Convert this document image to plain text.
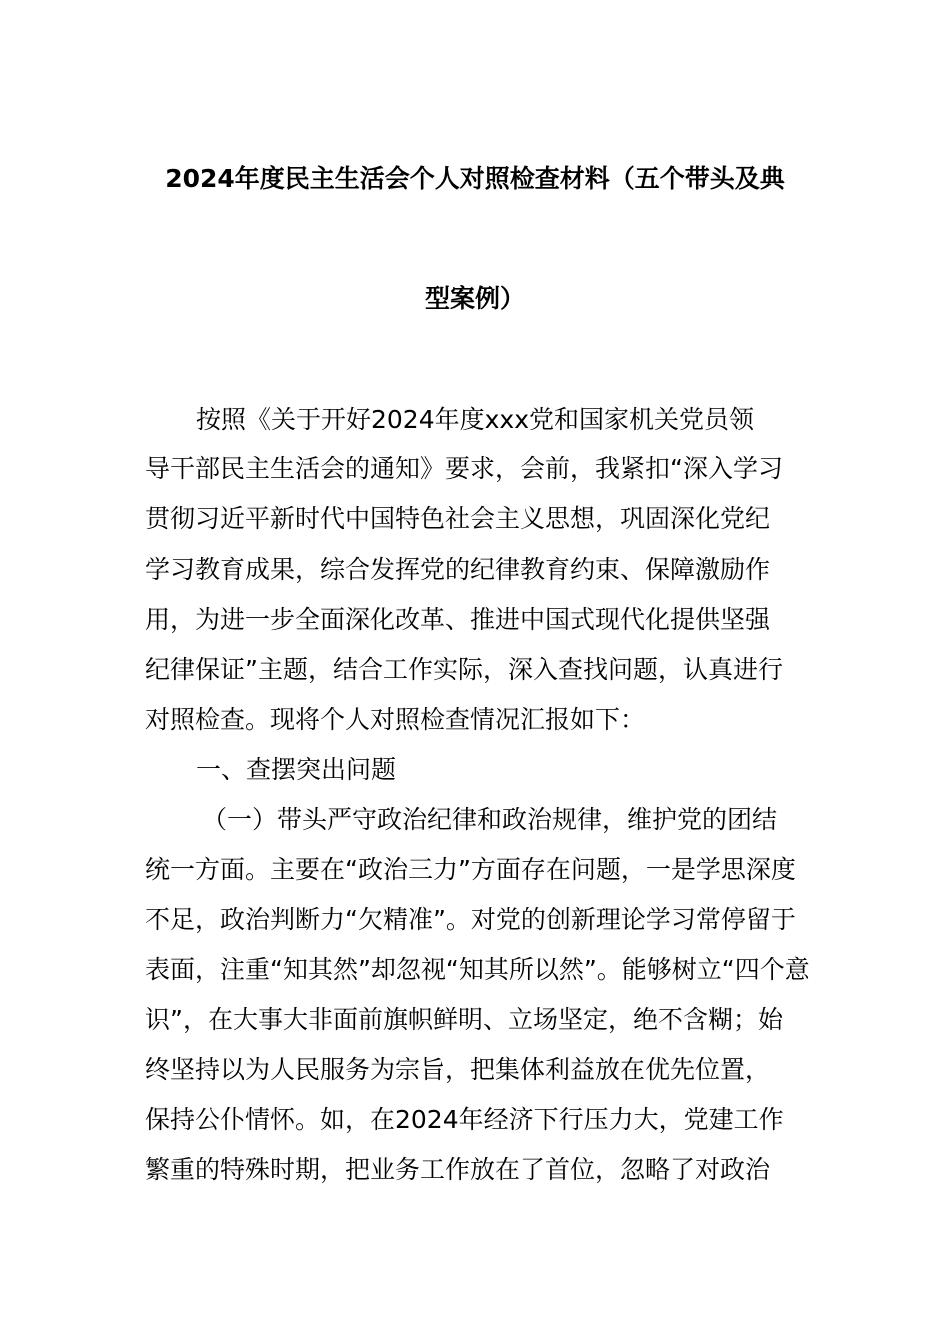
2024年度民主生活会个人对照检查材料（五个带头及典
型案例）

按照《关于开好2024年度xxx党和国家机关党员领

导干部民主生活会的通知》要求，会前，我紧扣“深入学习

贯彻习近平新时代中国特色社会主义思想，巩固深化党纪

学习教育成果，综合发挥党的纪律教育约束、保障激励作

用，为进一步全面深化改革、推进中国式现代化提供坚强

纪律保证”主题，结合工作实际，深入查找问题，认真进行

对照检查。现将个人对照检查情况汇报如下：

一、查摆突出问题

（一）带头严守政治纪律和政治规律，维护党的团结

统一方面。主要在“政治三力”方面存在问题，一是学思深度

不足，政治判断力“欠精准”。对党的创新理论学习常停留于

表面，注重“知其然”却忽视“知其所以然”。能够树立“四个意

识”，在大事大非面前旗帜鲜明、立场坚定，绝不含糊；始

终坚持以为人民服务为宗旨，把集体利益放在优先位置，

保持公仆情怀。如，在2024年经济下行压力大，党建工作

繁重的特殊时期，把业务工作放在了首位，忽略了对政治
